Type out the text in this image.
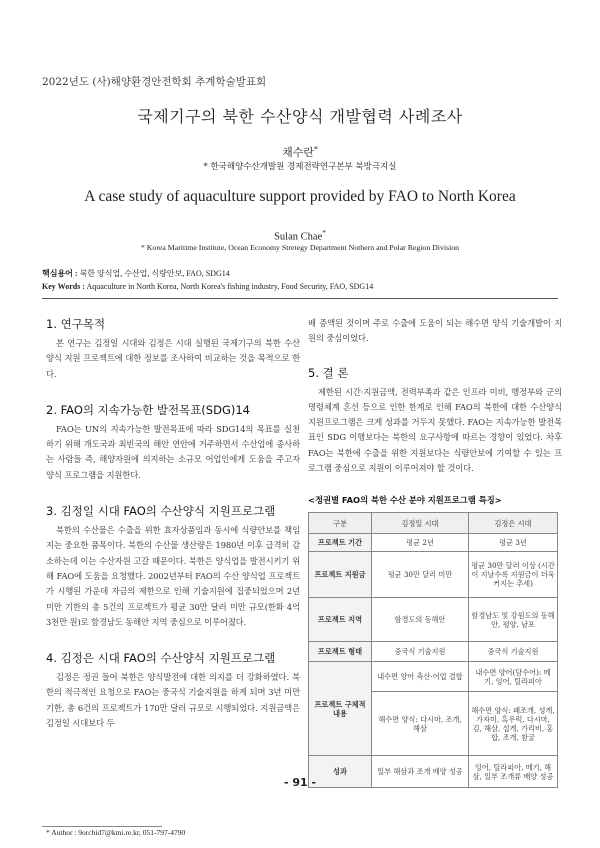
2022년도 (사)해양환경안전학회 추계학술발표회
국제기구의 북한 수산양식 개발협력 사례조사
채수란*
* 한국해양수산개발원 경제전략연구본부 북방극지실
A case study of aquaculture support provided by FAO to North Korea
Sulan Chae*
* Korea Maritime Institute, Ocean Economy Stretegy Department Nothern and Polar Region Division
핵심용어 : 북한 양식업, 수산업, 식량안보, FAO, SDG14
Key Words : Aquaculture in North Korea, North Korea's fishing industry, Food Security, FAO, SDG14
1. 연구목적

본 연구는 김정일 시대와 김정은 시대 실행된 국제기구의 북한 수산양식 지원 프로젝트에 대한 정보를 조사하여 비교하는 것을 목적으로 한다.

2. FAO의 지속가능한 발전목표(SDG)14

FAO는 UN의 지속가능한 발전목표에 따라 SDG14의 목표를 실천하기 위해 개도국과 최빈국의 해안 연안에 거주하면서 수산업에 종사하는 사람들 즉, 해양자원에 의지하는 소규모 어업인에게 도움을 주고자 양식 프로그램을 지원한다.

3. 김정일 시대 FAO의 수산양식 지원프로그램

북한의 수산물은 수출을 위한 효자상품임과 동시에 식량안보를 책임지는 중요한 품목이다. 북한의 수산물 생산량은 1980년 이후 급격히 감소하는데 이는 수산자원 고갈 때문이다. 북한은 양식업을 발전시키기 위해 FAO에 도움을 요청했다. 2002년부터 FAO의 수산 양식업 프로젝트가 시행된 가운데 자금의 제한으로 인해 기술지원에 집중되었으며 2년 미만 기한의 총 5건의 프로젝트가 평균 30만 달러 미만 규모(한화 4억 3천만 원)로 함경남도 동해안 지역 중심으로 이루어졌다.

4. 김정은 시대 FAO의 수산양식 지원프로그램

김정은 정권 들어 북한은 양식발전에 대한 의지를 더 강화하였다. 북한의 적극적인 요청으로 FAO는 중국식 기술지원을 하게 되며 3년 미만 기한, 총 6건의 프로젝트가 170만 달러 규모로 시행되었다. 지원금액은 김정일 시대보다 두

배 증액된 것이며 주로 수출에 도움이 되는 해수면 양식 기술개발이 지원의 중심이었다.

5. 결 론

제한된 시간·지원금액, 전력부족과 같은 인프라 미비, 행정부와 군의 명령체계 혼선 등으로 인한 한계로 인해 FAO의 북한에 대한 수산양식 지원프로그램은 크게 성과를 거두지 못했다. FAO는 지속가능한 발전목표인 SDG 이행보다는 북한의 요구사항에 따르는 경향이 있었다. 차후 FAO는 북한에 수출을 위한 지원보다는 식량안보에 기여할 수 있는 프로그램 중심으로 지원이 이루어져야 할 것이다.

<정권별 FAO의 북한 수산 분야 지원프로그램 특징>
구분	김정일 시대	김정은 시대
프로젝트 기간	평균 2년	평균 3년
프로젝트 지원금	평균 30만 달러 미만	평균 30만 달러 이상 (시간이 지날수록 지원금이 더욱 커지는 추세)
프로젝트 지역	함경도의 동해안	함경남도 및 강원도의 동해안, 평양, 남포
프로젝트 형태	중국식 기술지원	중국식 기술지원
프로젝트 구체적 내용	내수면 양어 축산·어업 결합	내수면 양어(담수어): 메기, 잉어, 틸라피아
	해수면 양식: 다시마, 조개, 해삼	해수면 양식: 패조개, 성게, 가자미, 흑우럭, 다시마, 김, 해삼, 섭게, 가리비, 홍합, 조개, 참굴
성과	일부 해삼과 조개 배양 성공	잉어, 틸라피아, 메기, 해삼, 일부 조개류 배양 성공
- 91 -
* Author : 9orchid7@kmi.re.kr, 051-797-4790
